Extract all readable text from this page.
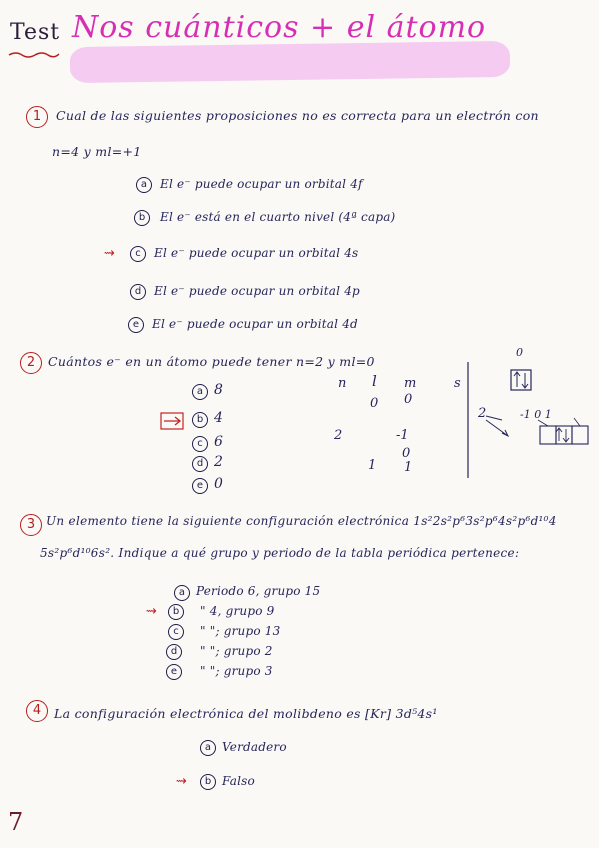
Test Nos cuánticos + el átomo
1	Cual de las siguientes proposiciones no es correcta para un electrón con
n=4 y ml=+1
a	El e⁻ puede ocupar un orbital 4f
b	El e⁻ está en el cuarto nivel (4ª capa)
⇝	c	El e⁻ puede ocupar un orbital 4s
d	El e⁻ puede ocupar un orbital 4p
e	El e⁻ puede ocupar un orbital 4d
2	Cuántos e⁻ en un átomo puede tener n=2 y ml=0
a 8
b 4
c 6
d 2
e 0
n l m	s
0 0
2	-1
0
1 1
0
2	-1 0 1
3 Un elemento tiene la siguiente configuración electrónica 1s²2s²p⁶3s²p⁶4s²p⁶d¹⁰4
5s²p⁶d¹⁰6s². Indique a qué grupo y periodo de la tabla periódica pertenece:
a Periodo 6, grupo 15
⇝	b	" 4, grupo 9
c	" "; grupo 13
d	" "; grupo 2
e	" "; grupo 3
4	La configuración electrónica del molibdeno es [Kr] 3d⁵4s¹
a Verdadero
⇝	b Falso
7
